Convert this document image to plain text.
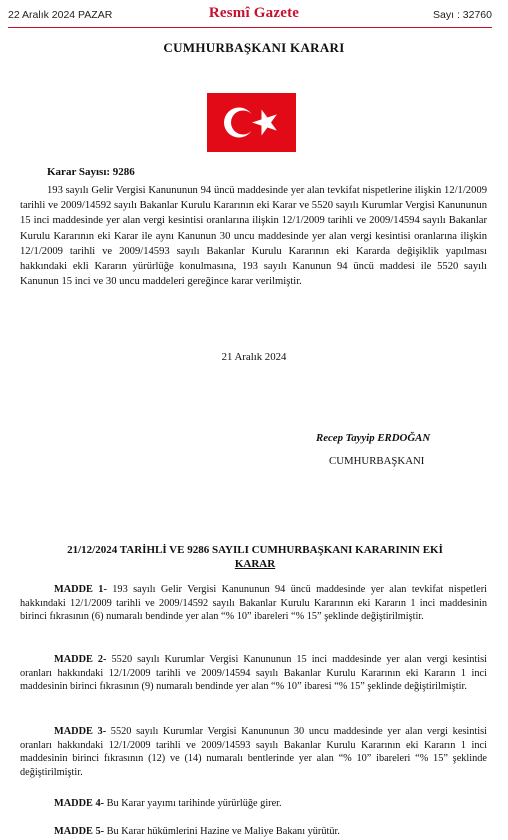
22 Aralık 2024 PAZAR	Resmî Gazete	Sayı : 32760
CUMHURBAŞKANI KARARI
Karar Sayısı: 9286

193 sayılı Gelir Vergisi Kanununun 94 üncü maddesinde yer alan tevkifat nispetlerine ilişkin 12/1/2009 tarihli ve 2009/14592 sayılı Bakanlar Kurulu Kararının eki Karar ve 5520 sayılı Kurumlar Vergisi Kanununun 15 inci maddesinde yer alan vergi kesintisi oranlarına ilişkin 12/1/2009 tarihli ve 2009/14594 sayılı Bakanlar Kurulu Kararının eki Karar ile aynı Kanunun 30 uncu maddesinde yer alan vergi kesintisi oranlarına ilişkin 12/1/2009 tarihli ve 2009/14593 sayılı Bakanlar Kurulu Kararının eki Kararda değişiklik yapılması hakkındaki ekli Kararın yürürlüğe konulmasına, 193 sayılı Kanunun 94 üncü maddesi ile 5520 sayılı Kanunun 15 inci ve 30 uncu maddeleri gereğince karar verilmiştir.

21 Aralık 2024
Recep Tayyip ERDOĞAN
CUMHURBAŞKANI
21/12/2024 TARİHLİ VE 9286 SAYILI CUMHURBAŞKANI KARARININ EKİ
KARAR

MADDE 1- 193 sayılı Gelir Vergisi Kanununun 94 üncü maddesinde yer alan tevkifat nispetleri hakkındaki 12/1/2009 tarihli ve 2009/14592 sayılı Bakanlar Kurulu Kararının eki Kararın 1 inci maddesinin birinci fıkrasının (6) numaralı bendinde yer alan “% 10” ibareleri “% 15” şeklinde değiştirilmiştir.

MADDE 2- 5520 sayılı Kurumlar Vergisi Kanununun 15 inci maddesinde yer alan vergi kesintisi oranları hakkındaki 12/1/2009 tarihli ve 2009/14594 sayılı Bakanlar Kurulu Kararının eki Kararın 1 inci maddesinin birinci fıkrasının (9) numaralı bendinde yer alan “% 10” ibaresi “% 15” şeklinde değiştirilmiştir.

MADDE 3- 5520 sayılı Kurumlar Vergisi Kanununun 30 uncu maddesinde yer alan vergi kesintisi oranları hakkındaki 12/1/2009 tarihli ve 2009/14593 sayılı Bakanlar Kurulu Kararının eki Kararın 1 inci maddesinin birinci fıkrasının (12) ve (14) numaralı bentlerinde yer alan “% 10” ibareleri “% 15” şeklinde değiştirilmiştir.

MADDE 4- Bu Karar yayımı tarihinde yürürlüğe girer.

MADDE 5- Bu Karar hükümlerini Hazine ve Maliye Bakanı yürütür.
